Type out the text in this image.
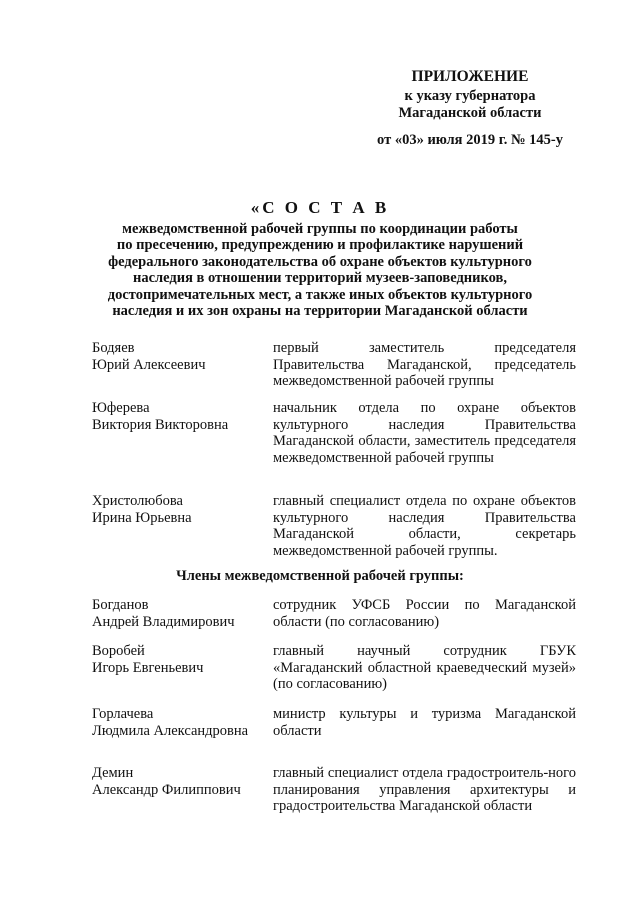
ПРИЛОЖЕНИЕ
к указу губернатора
Магаданской области
от «03» июля 2019 г. № 145-у
«С О С Т А В
межведомственной рабочей группы по координации работы
по пресечению, предупреждению и профилактике нарушений
федерального законодательства об охране объектов культурного
наследия в отношении территорий музеев-заповедников,
достопримечательных мест, а также иных объектов культурного
наследия и их зон охраны на территории Магаданской области
Бодяев
Юрий Алексеевич
первый заместитель председателя Правительства Магаданской, председатель межведомственной рабочей группы
Юферева
Виктория Викторовна
начальник отдела по охране объектов культурного наследия Правительства Магаданской области, заместитель председателя межведомственной рабочей группы
Христолюбова
Ирина Юрьевна
главный специалист отдела по охране объектов культурного наследия Правительства Магаданской области, секретарь межведомственной рабочей группы.
Члены межведомственной рабочей группы:
Богданов
Андрей Владимирович
сотрудник УФСБ России по Магаданской области (по согласованию)
Воробей
Игорь Евгеньевич
главный научный сотрудник ГБУК «Магаданский областной краеведческий музей» (по согласованию)
Горлачева
Людмила Александровна
министр культуры и туризма Магаданской области
Демин
Александр Филиппович
главный специалист отдела градостроитель-ного планирования управления архитектуры и градостроительства Магаданской области
